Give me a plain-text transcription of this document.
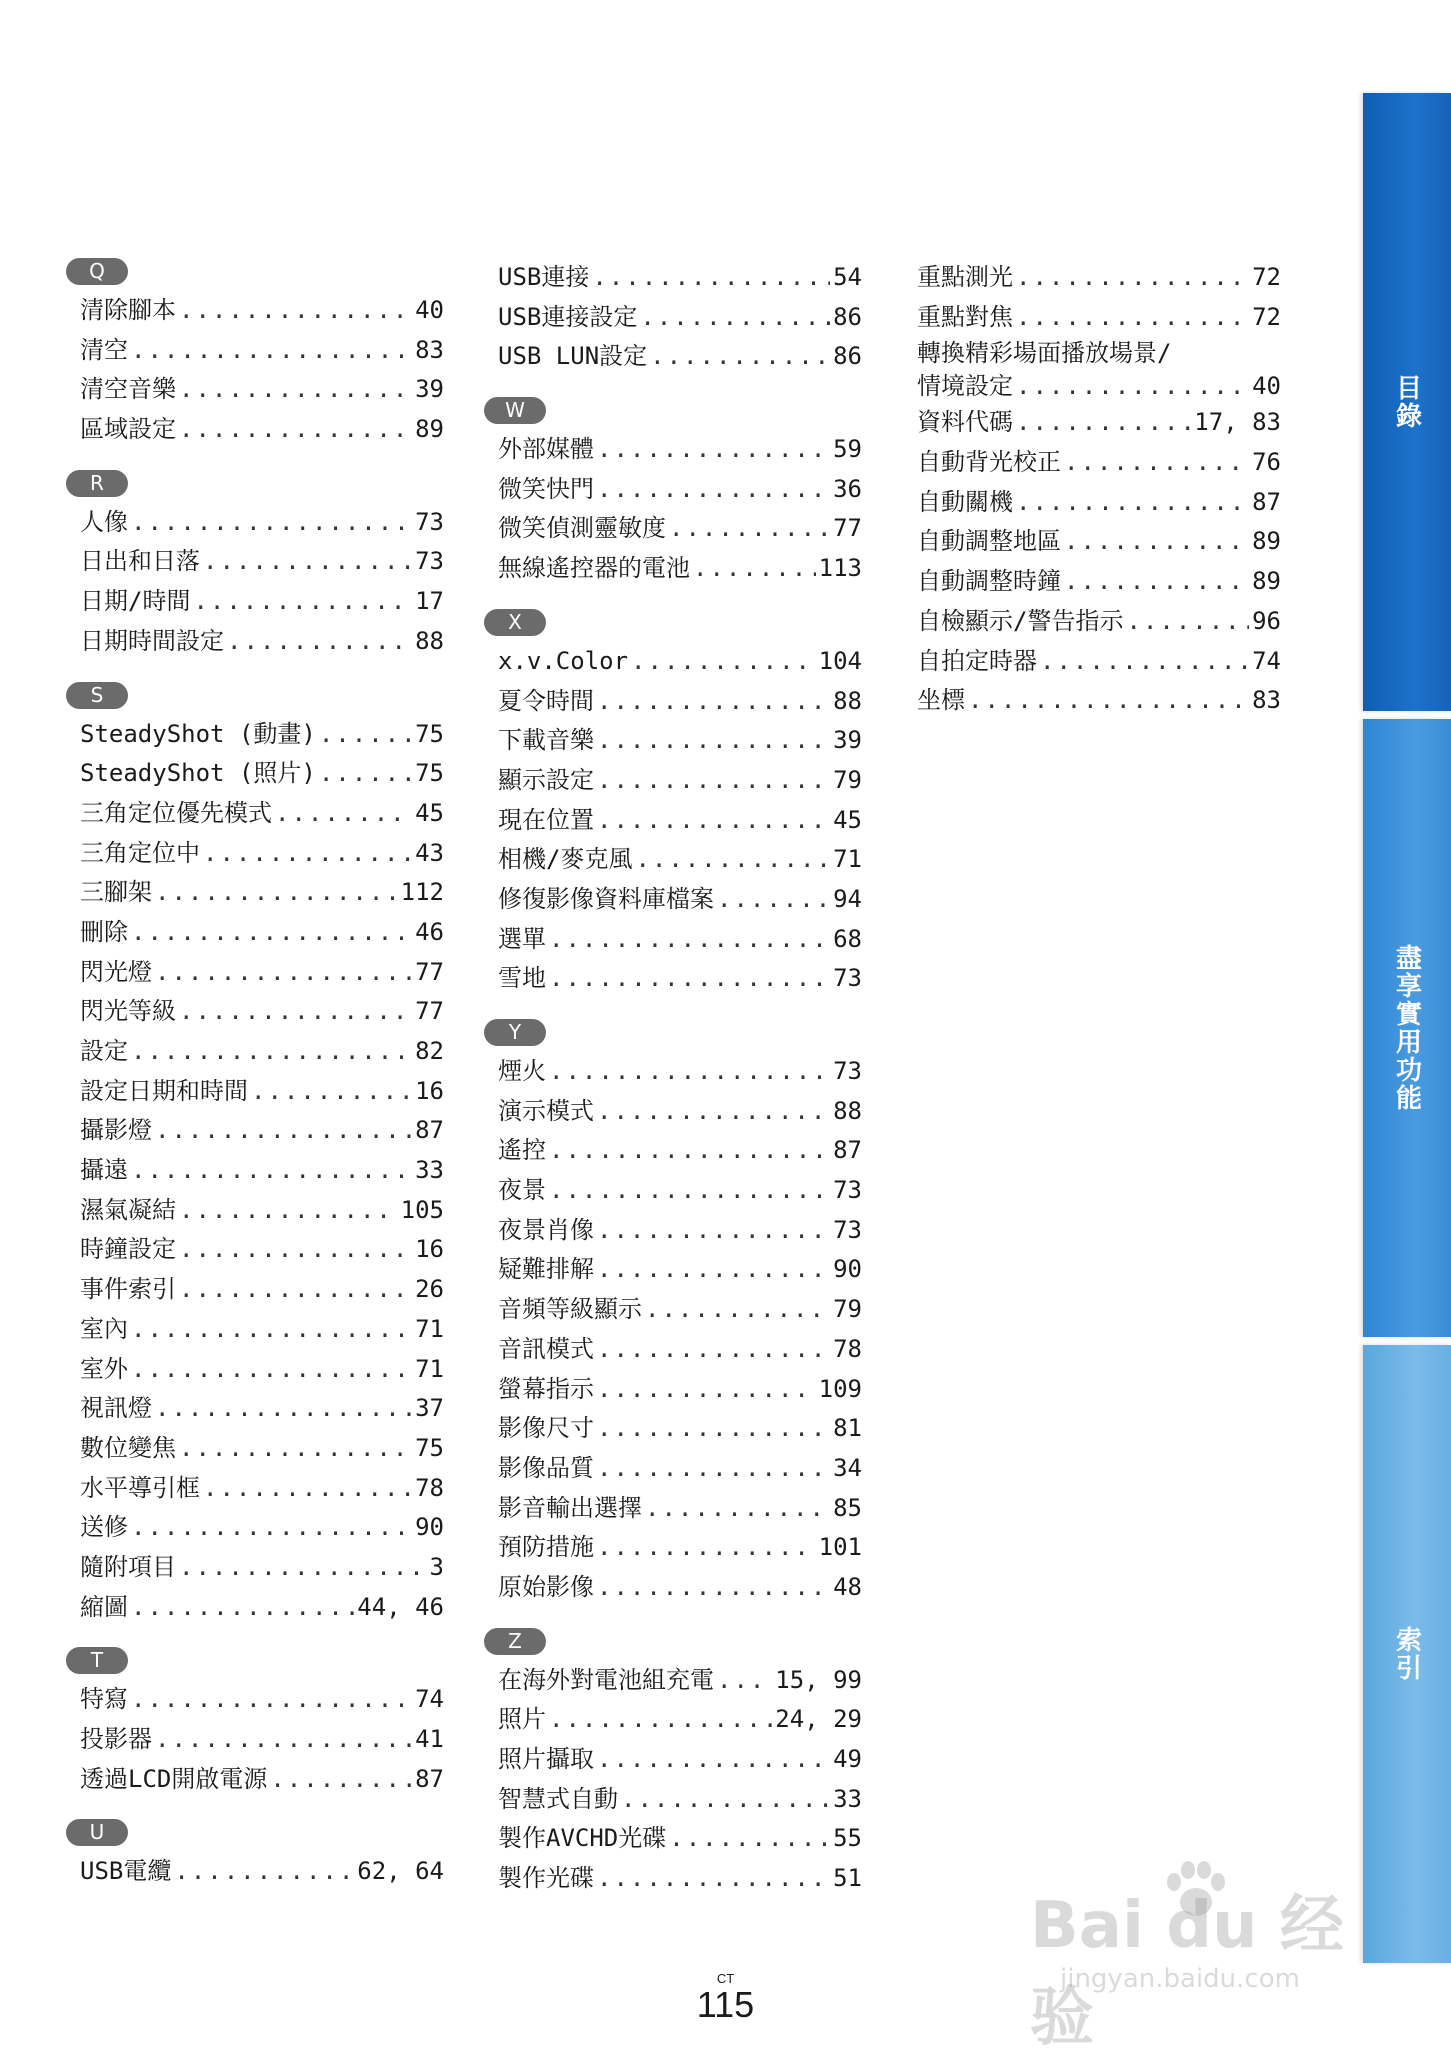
Q
清除腳本 .....	40
清空 .....	83
清空音樂 .....	39
區域設定 .....	89
R
人像 .....	73
日出和日落 .....	73
日期/時間 .....	17
日期時間設定 .....	88
S
SteadyShot (動畫) .....	75
SteadyShot (照片) .....	75
三角定位優先模式 .....	45
三角定位中 .....	43
三腳架 .....	112
刪除 .....	46
閃光燈 .....	77
閃光等級 .....	77
設定 .....	82
設定日期和時間 .....	16
攝影燈 .....	87
攝遠 .....	33
濕氣凝結 .....	105
時鐘設定 .....	16
事件索引 .....	26
室內 .....	71
室外 .....	71
視訊燈 .....	37
數位變焦 .....	75
水平導引框 .....	78
送修 .....	90
隨附項目 .....	3
縮圖 .....	44, 46
T
特寫 .....	74
投影器 .....	41
透過LCD開啟電源 .....	87
U
USB電纜 .....	62, 64
USB連接 .....	54
USB連接設定 .....	86
USB LUN設定 .....	86
W
外部媒體 .....	59
微笑快門 .....	36
微笑偵測靈敏度 .....	77
無線遙控器的電池 .....	113
X
x.v.Color .....	104
夏令時間 .....	88
下載音樂 .....	39
顯示設定 .....	79
現在位置 .....	45
相機/麥克風 .....	71
修復影像資料庫檔案 .....	94
選單 .....	68
雪地 .....	73
Y
煙火 .....	73
演示模式 .....	88
遙控 .....	87
夜景 .....	73
夜景肖像 .....	73
疑難排解 .....	90
音頻等級顯示 .....	79
音訊模式 .....	78
螢幕指示 .....	109
影像尺寸 .....	81
影像品質 .....	34
影音輸出選擇 .....	85
預防措施 .....	101
原始影像 .....	48
Z
在海外對電池組充電 .....	15, 99
照片 .....	24, 29
照片攝取 .....	49
智慧式自動 .....	33
製作AVCHD光碟 .....	55
製作光碟 .....	51
重點測光 .....	72
重點對焦 .....	72
轉換精彩場面播放場景/
情境設定 .....	40
資料代碼 .....	17, 83
自動背光校正 .....	76
自動關機 .....	87
自動調整地區 .....	89
自動調整時鐘 .....	89
自檢顯示/警告指示 .....	96
自拍定時器 .....	74
坐標 .....	83
目錄
盡享實用功能
索引
CT
115
Bai du 经验
jingyan.baidu.com
